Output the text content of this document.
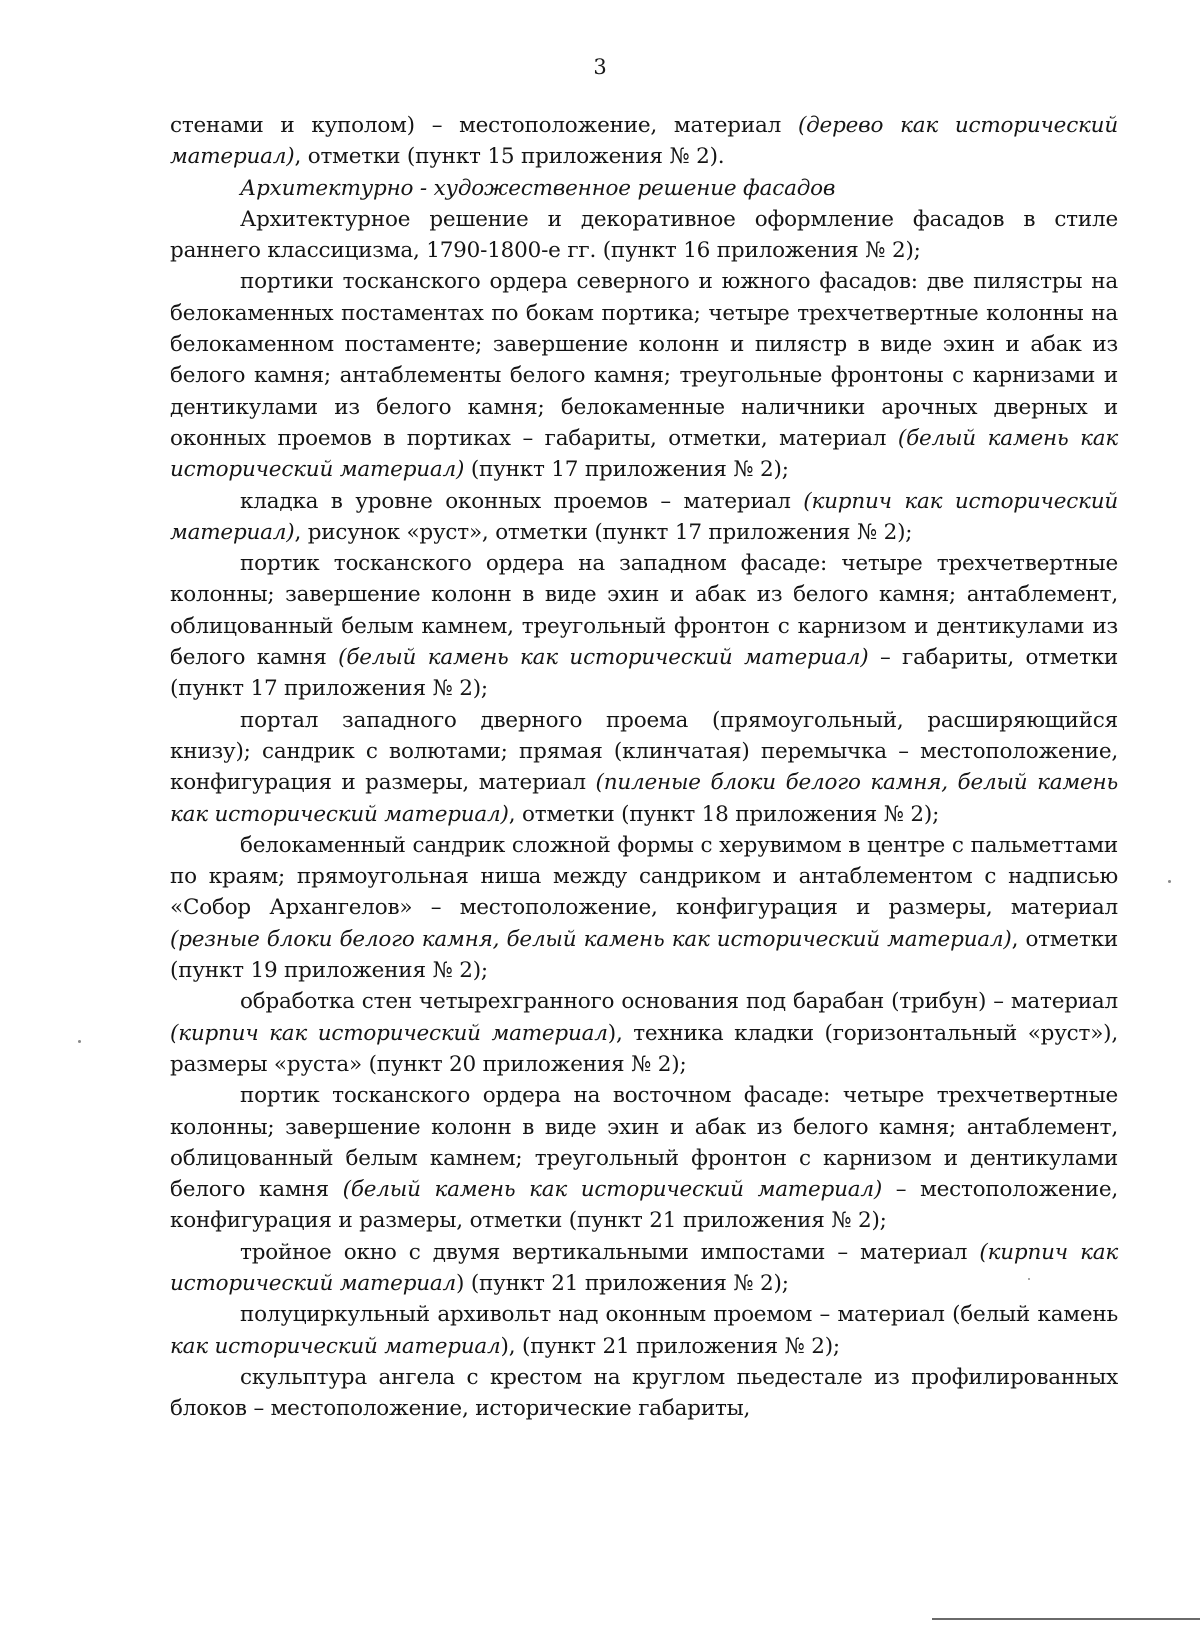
3

стенами и куполом) – местоположение, материал (дерево как исторический материал), отметки (пункт 15 приложения № 2).

Архитектурно - художественное решение фасадов

Архитектурное решение и декоративное оформление фасадов в стиле раннего классицизма, 1790-1800-е гг. (пункт 16 приложения № 2);

портики тосканского ордера северного и южного фасадов: две пилястры на белокаменных постаментах по бокам портика; четыре трехчетвертные колонны на белокаменном постаменте; завершение колонн и пилястр в виде эхин и абак из белого камня; антаблементы белого камня; треугольные фронтоны с карнизами и дентикулами из белого камня; белокаменные наличники арочных дверных и оконных проемов в портиках – габариты, отметки, материал (белый камень как исторический материал) (пункт 17 приложения № 2);

кладка в уровне оконных проемов – материал (кирпич как исторический материал), рисунок «руст», отметки (пункт 17 приложения № 2);

портик тосканского ордера на западном фасаде: четыре трехчетвертные колонны; завершение колонн в виде эхин и абак из белого камня; антаблемент, облицованный белым камнем, треугольный фронтон с карнизом и дентикулами из белого камня (белый камень как исторический материал) – габариты, отметки (пункт 17 приложения № 2);

портал западного дверного проема (прямоугольный, расширяющийся книзу); сандрик с волютами; прямая (клинчатая) перемычка – местоположение, конфигурация и размеры, материал (пиленые блоки белого камня, белый камень как исторический материал), отметки (пункт 18 приложения № 2);

белокаменный сандрик сложной формы с херувимом в центре с пальметтами по краям; прямоугольная ниша между сандриком и антаблементом с надписью «Собор Архангелов» – местоположение, конфигурация и размеры, материал (резные блоки белого камня, белый камень как исторический материал), отметки (пункт 19 приложения № 2);

обработка стен четырехгранного основания под барабан (трибун) – материал (кирпич как исторический материал), техника кладки (горизонтальный «руст»), размеры «руста» (пункт 20 приложения № 2);

портик тосканского ордера на восточном фасаде: четыре трехчетвертные колонны; завершение колонн в виде эхин и абак из белого камня; антаблемент, облицованный белым камнем; треугольный фронтон с карнизом и дентикулами белого камня (белый камень как исторический материал) – местоположение, конфигурация и размеры, отметки (пункт 21 приложения № 2);

тройное окно с двумя вертикальными импостами – материал (кирпич как исторический материал) (пункт 21 приложения № 2);

полуциркульный архивольт над оконным проемом – материал (белый камень как исторический материал), (пункт 21 приложения № 2);

скульптура ангела с крестом на круглом пьедестале из профилированных блоков – местоположение, исторические габариты,
